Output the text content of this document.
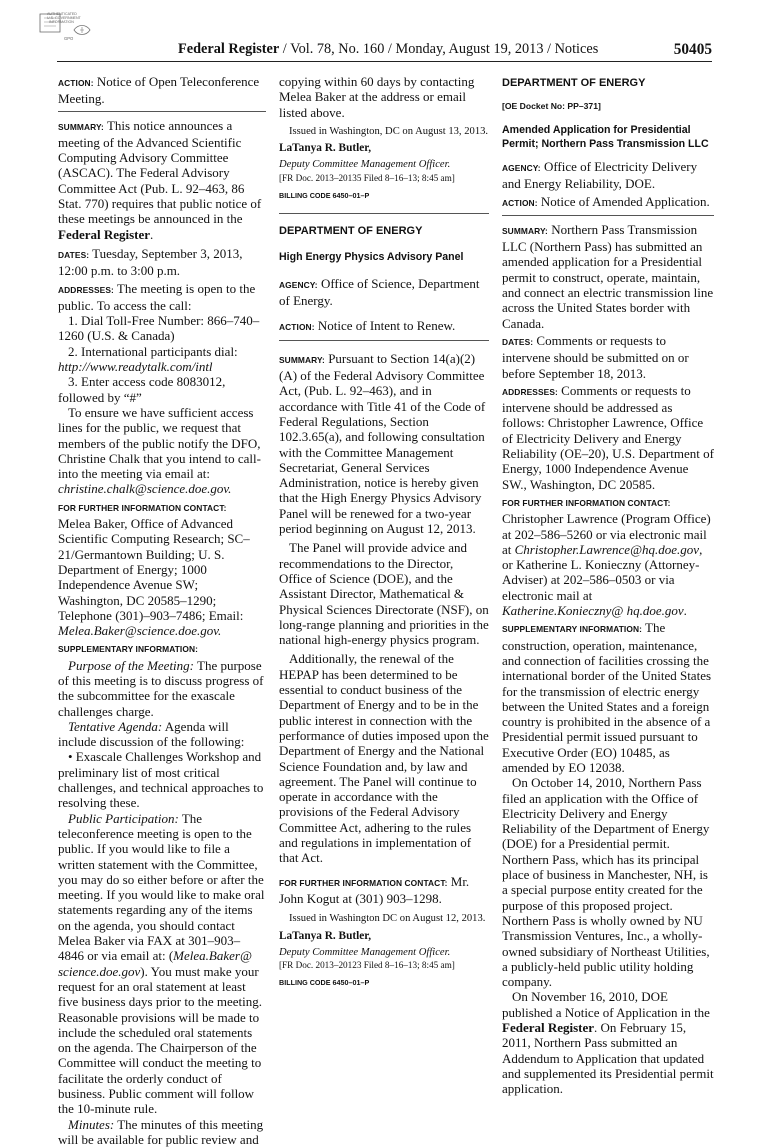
AUTHENTICATED
U.S. GOVERNMENT
INFORMATION
GPO
Federal Register / Vol. 78, No. 160 / Monday, August 19, 2013 / Notices	50405

ACTION: Notice of Open Teleconference Meeting.

SUMMARY: This notice announces a meeting of the Advanced Scientific Computing Advisory Committee (ASCAC). The Federal Advisory Committee Act (Pub. L. 92–463, 86 Stat. 770) requires that public notice of these meetings be announced in the Federal Register.

DATES: Tuesday, September 3, 2013, 12:00 p.m. to 3:00 p.m.

ADDRESSES: The meeting is open to the public. To access the call:

1. Dial Toll-Free Number: 866–740–1260 (U.S. & Canada)

2. International participants dial:

http://www.readytalk.com/intl

3. Enter access code 8083012, followed by “#”

To ensure we have sufficient access lines for the public, we request that members of the public notify the DFO, Christine Chalk that you intend to call-into the meeting via email at: christine.chalk@science.doe.gov.

FOR FURTHER INFORMATION CONTACT:

Melea Baker, Office of Advanced Scientific Computing Research; SC–21/Germantown Building; U. S. Department of Energy; 1000 Independence Avenue SW; Washington, DC 20585–1290; Telephone (301)–903–7486; Email: Melea.Baker@science.doe.gov.

SUPPLEMENTARY INFORMATION:

Purpose of the Meeting: The purpose of this meeting is to discuss progress of the subcommittee for the exascale challenges charge.

Tentative Agenda: Agenda will include discussion of the following:

• Exascale Challenges Workshop and preliminary list of most critical challenges, and technical approaches to resolving these.

Public Participation: The teleconference meeting is open to the public. If you would like to file a written statement with the Committee, you may do so either before or after the meeting. If you would like to make oral statements regarding any of the items on the agenda, you should contact Melea Baker via FAX at 301–903–4846 or via email at: (Melea.Baker@ science.doe.gov). You must make your request for an oral statement at least five business days prior to the meeting. Reasonable provisions will be made to include the scheduled oral statements on the agenda. The Chairperson of the Committee will conduct the meeting to facilitate the orderly conduct of business. Public comment will follow the 10-minute rule.

Minutes: The minutes of this meeting will be available for public review and

copying within 60 days by contacting Melea Baker at the address or email listed above.

Issued in Washington, DC on August 13, 2013.

LaTanya R. Butler,

Deputy Committee Management Officer.

[FR Doc. 2013–20135 Filed 8–16–13; 8:45 am]

BILLING CODE 6450–01–P

DEPARTMENT OF ENERGY

High Energy Physics Advisory Panel

AGENCY: Office of Science, Department of Energy.

ACTION: Notice of Intent to Renew.

SUMMARY: Pursuant to Section 14(a)(2)(A) of the Federal Advisory Committee Act, (Pub. L. 92–463), and in accordance with Title 41 of the Code of Federal Regulations, Section 102.3.65(a), and following consultation with the Committee Management Secretariat, General Services Administration, notice is hereby given that the High Energy Physics Advisory Panel will be renewed for a two-year period beginning on August 12, 2013.

The Panel will provide advice and recommendations to the Director, Office of Science (DOE), and the Assistant Director, Mathematical & Physical Sciences Directorate (NSF), on long-range planning and priorities in the national high-energy physics program.

Additionally, the renewal of the HEPAP has been determined to be essential to conduct business of the Department of Energy and to be in the public interest in connection with the performance of duties imposed upon the Department of Energy and the National Science Foundation and, by law and agreement. The Panel will continue to operate in accordance with the provisions of the Federal Advisory Committee Act, adhering to the rules and regulations in implementation of that Act.

FOR FURTHER INFORMATION CONTACT: Mr. John Kogut at (301) 903–1298.

Issued in Washington DC on August 12, 2013.

LaTanya R. Butler,

Deputy Committee Management Officer.

[FR Doc. 2013–20123 Filed 8–16–13; 8:45 am]

BILLING CODE 6450–01–P

DEPARTMENT OF ENERGY

[OE Docket No: PP–371]

Amended Application for Presidential Permit; Northern Pass Transmission LLC

AGENCY: Office of Electricity Delivery and Energy Reliability, DOE.

ACTION: Notice of Amended Application.

SUMMARY: Northern Pass Transmission LLC (Northern Pass) has submitted an amended application for a Presidential permit to construct, operate, maintain, and connect an electric transmission line across the United States border with Canada.

DATES: Comments or requests to intervene should be submitted on or before September 18, 2013.

ADDRESSES: Comments or requests to intervene should be addressed as follows: Christopher Lawrence, Office of Electricity Delivery and Energy Reliability (OE–20), U.S. Department of Energy, 1000 Independence Avenue SW., Washington, DC 20585.

FOR FURTHER INFORMATION CONTACT:

Christopher Lawrence (Program Office) at 202–586–5260 or via electronic mail at Christopher.Lawrence@hq.doe.gov, or Katherine L. Konieczny (Attorney-Adviser) at 202–586–0503 or via electronic mail at Katherine.Konieczny@ hq.doe.gov.

SUPPLEMENTARY INFORMATION: The construction, operation, maintenance, and connection of facilities crossing the international border of the United States for the transmission of electric energy between the United States and a foreign country is prohibited in the absence of a Presidential permit issued pursuant to Executive Order (EO) 10485, as amended by EO 12038.

On October 14, 2010, Northern Pass filed an application with the Office of Electricity Delivery and Energy Reliability of the Department of Energy (DOE) for a Presidential permit. Northern Pass, which has its principal place of business in Manchester, NH, is a special purpose entity created for the purpose of this proposed project. Northern Pass is wholly owned by NU Transmission Ventures, Inc., a wholly-owned subsidiary of Northeast Utilities, a publicly-held public utility holding company.

On November 16, 2010, DOE published a Notice of Application in the Federal Register. On February 15, 2011, Northern Pass submitted an Addendum to Application that updated and supplemented its Presidential permit application.
